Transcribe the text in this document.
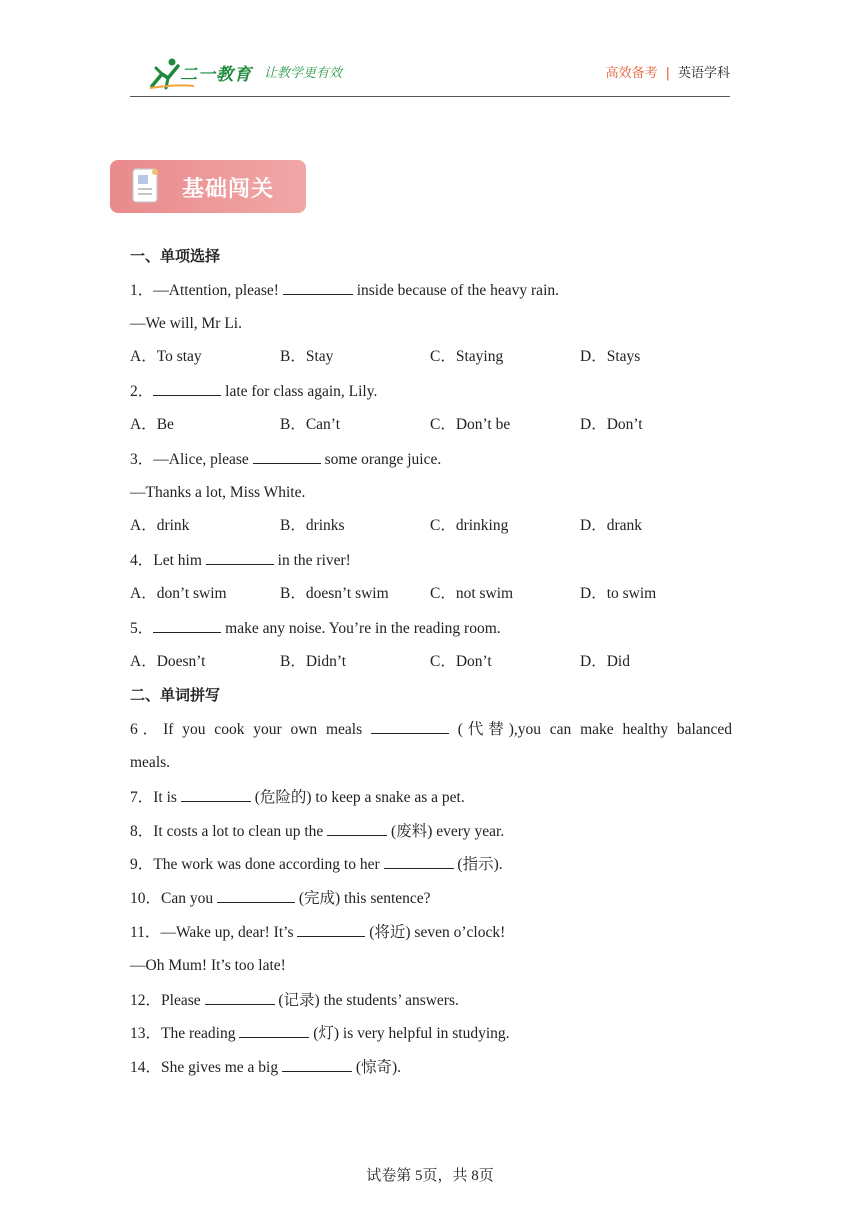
二一教育 让教学更有效	高效备考 | 英语学科
基础闯关
一、单项选择
1．—Attention, please!	inside because of the heavy rain.
—We will, Mr Li.
A．To stay	B．Stay	C．Staying	D．Stays
2．	late for class again, Lily.
A．Be	B．Can’t	C．Don’t be	D．Don’t
3．—Alice, please	some orange juice.
—Thanks a lot, Miss White.
A．drink	B．drinks	C．drinking	D．drank
4．Let him	in the river!
A．don’t swim	B．doesn’t swim	C．not swim	D．to swim
5．	make any noise. You’re in the reading room.
A．Doesn’t	B．Didn’t	C．Don’t	D．Did
二、单词拼写
6．If you cook your own meals	(代替),you can make healthy balanced
meals.
7．It is	(危险的) to keep a snake as a pet.
8．It costs a lot to clean up the	(废料) every year.
9．The work was done according to her	(指示).
10．Can you	(完成) this sentence?
11．—Wake up, dear! It’s	(将近) seven o’clock!
—Oh Mum! It’s too late!
12．Please	(记录) the students’ answers.
13．The reading	(灯) is very helpful in studying.
14．She gives me a big	(惊奇).
试卷第 5页，共 8页
